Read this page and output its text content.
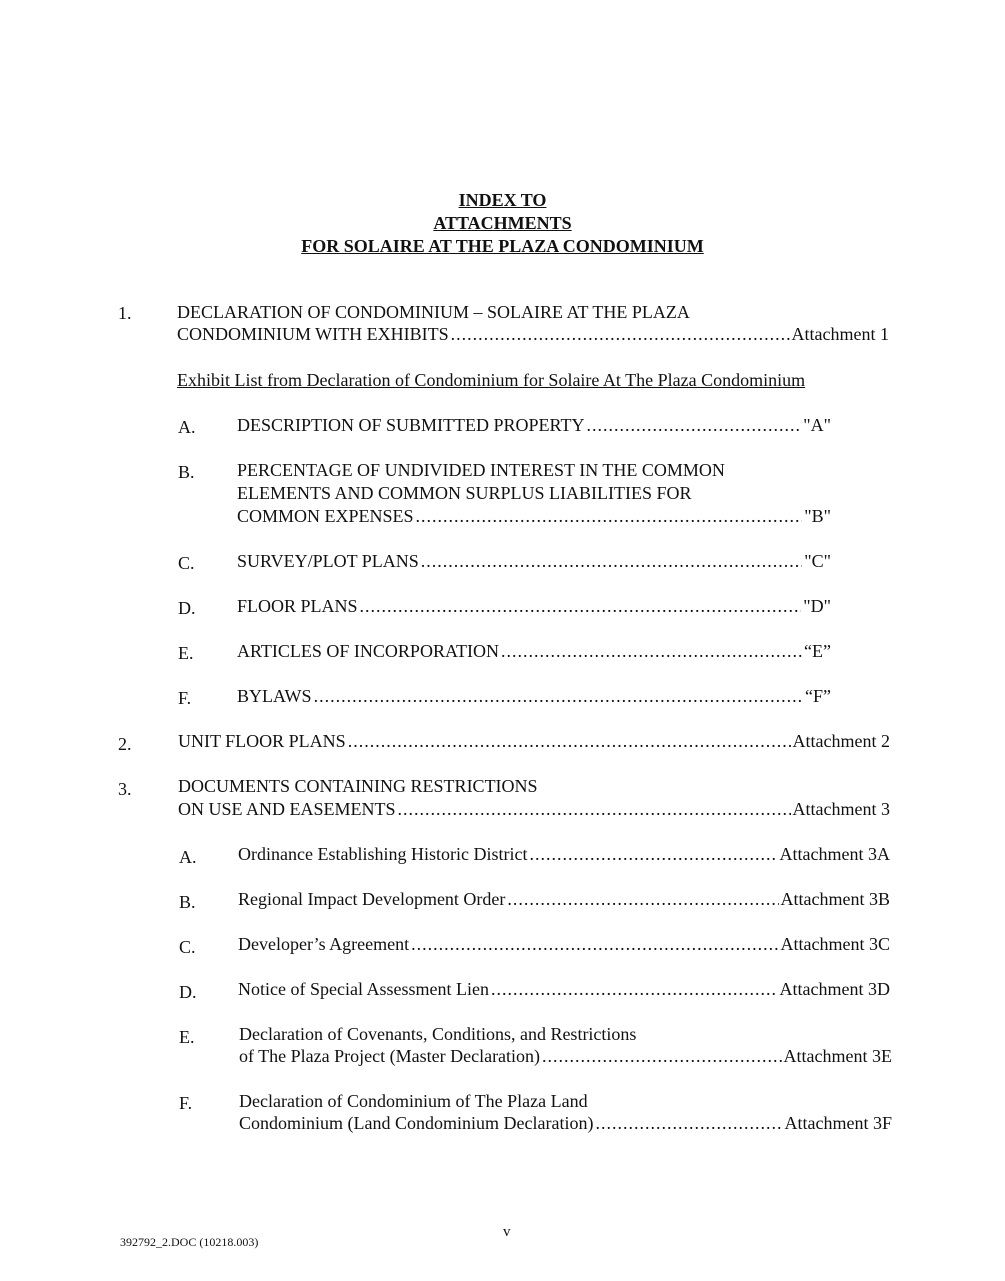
INDEX TO
ATTACHMENTS
FOR SOLAIRE AT THE PLAZA CONDOMINIUM
1.	DECLARATION OF CONDOMINIUM – SOLAIRE AT THE PLAZA
CONDOMINIUM WITH EXHIBITS .....	Attachment 1
Exhibit List from Declaration of Condominium for Solaire At The Plaza Condominium
A. DESCRIPTION OF SUBMITTED PROPERTY .....	"A"
B. PERCENTAGE OF UNDIVIDED INTEREST IN THE COMMON
ELEMENTS AND COMMON SURPLUS LIABILITIES FOR
COMMON EXPENSES .....	"B"
C. SURVEY/PLOT PLANS .....	"C"
D. FLOOR PLANS .....	"D"
E. ARTICLES OF INCORPORATION .....	“E”
F.	BYLAWS .....	“F”
2.	UNIT FLOOR PLANS .....	Attachment 2
3.	DOCUMENTS CONTAINING RESTRICTIONS
ON USE AND EASEMENTS .....	Attachment 3
A. Ordinance Establishing Historic District .....	Attachment 3A
B. Regional Impact Development Order .....	Attachment 3B
C. Developer’s Agreement .....	Attachment 3C
D. Notice of Special Assessment Lien .....	Attachment 3D
E. Declaration of Covenants, Conditions, and Restrictions
of The Plaza Project (Master Declaration) .....	Attachment 3E
F.	Declaration of Condominium of The Plaza Land
Condominium (Land Condominium Declaration) .....	Attachment 3F
v
392792_2.DOC (10218.003)
